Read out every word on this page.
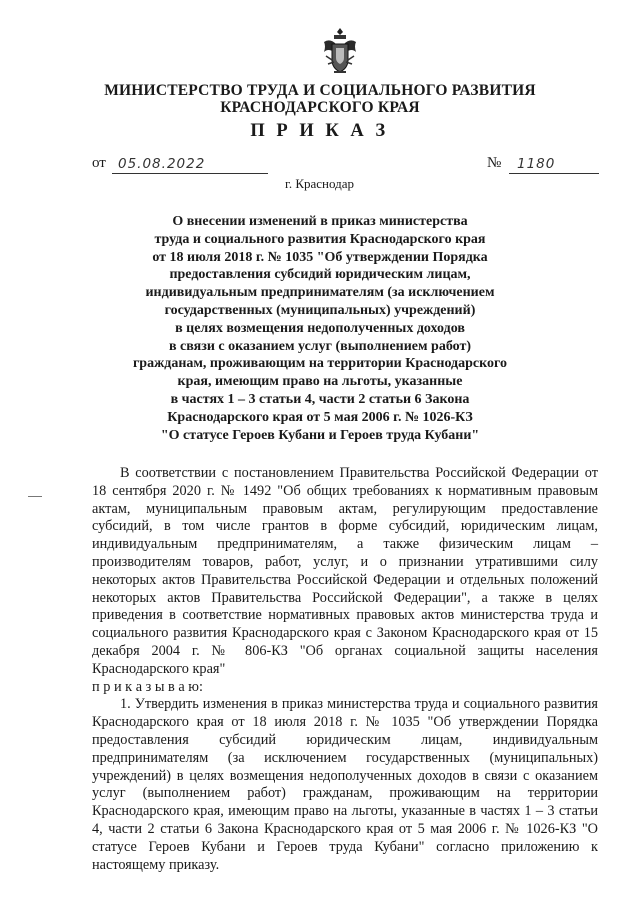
МИНИСТЕРСТВО ТРУДА И СОЦИАЛЬНОГО РАЗВИТИЯ
КРАСНОДАРСКОГО КРАЯ
П Р И К А З
от 05.08.2022	№	1180
г. Краснодар
О внесении изменений в приказ министерства
труда и социального развития Краснодарского края
от 18 июля 2018 г. № 1035 "Об утверждении Порядка
предоставления субсидий юридическим лицам,
индивидуальным предпринимателям (за исключением
государственных (муниципальных) учреждений)
в целях возмещения недополученных доходов
в связи с оказанием услуг (выполнением работ)
гражданам, проживающим на территории Краснодарского
края, имеющим право на льготы, указанные
в частях 1 – 3 статьи 4, части 2 статьи 6 Закона
Краснодарского края от 5 мая 2006 г. № 1026-КЗ
"О статусе Героев Кубани и Героев труда Кубани"

В соответствии с постановлением Правительства Российской Федерации от 18 сентября 2020 г. № 1492 "Об общих требованиях к нормативным правовым актам, муниципальным правовым актам, регулирующим предоставление субсидий, в том числе грантов в форме субсидий, юридическим лицам, индивидуальным предпринимателям, а также физическим лицам – производителям товаров, работ, услуг, и о признании утратившими силу некоторых актов Правительства Российской Федерации и отдельных положений некоторых актов Правительства Российской Федерации", а также в целях приведения в соответствие нормативных правовых актов министерства труда и социального развития Краснодарского края с Законом Краснодарского края от 15 декабря 2004 г. № 806-КЗ "Об органах социальной защиты населения Краснодарского края"

п р и к а з ы в а ю:

1. Утвердить изменения в приказ министерства труда и социального развития Краснодарского края от 18 июля 2018 г. № 1035 "Об утверждении Порядка предоставления субсидий юридическим лицам, индивидуальным предпринимателям (за исключением государственных (муниципальных) учреждений) в целях возмещения недополученных доходов в связи с оказанием услуг (выполнением работ) гражданам, проживающим на территории Краснодарского края, имеющим право на льготы, указанные в частях 1 – 3 статьи 4, части 2 статьи 6 Закона Краснодарского края от 5 мая 2006 г. № 1026-КЗ "О статусе Героев Кубани и Героев труда Кубани" согласно приложению к настоящему приказу.
